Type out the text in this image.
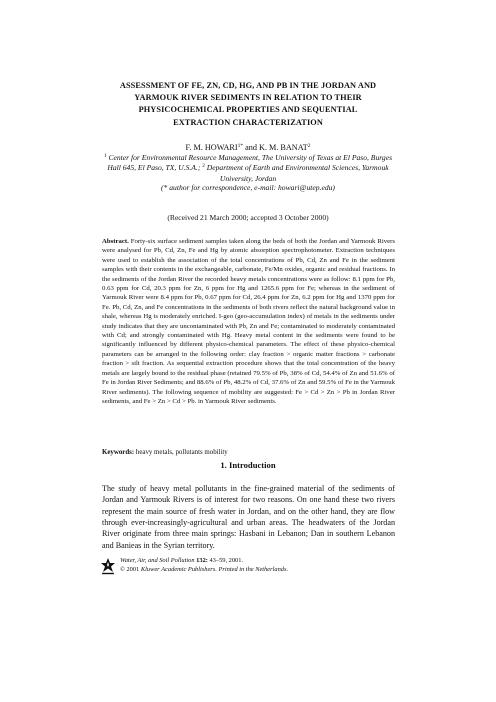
ASSESSMENT OF FE, ZN, CD, HG, AND PB IN THE JORDAN AND
YARMOUK RIVER SEDIMENTS IN RELATION TO THEIR
PHYSICOCHEMICAL PROPERTIES AND SEQUENTIAL
EXTRACTION CHARACTERIZATION
F. M. $HOWARI^{1*}$ and K. M. BANAT$^2$
$^1$ Center for Environmental Resource Management, The University of Texas at El Paso, Burges Hall 645, El Paso, TX, U.S.A.; $^2$ Department of Earth and Environmental Sciences, Yarmouk University, Jordan
(* author for correspondence, e-mail: howari@utep.edu)
(Received 21 March 2000; accepted 3 October 2000)
Abstract. Forty-six surface sediment samples taken along the beds of both the Jordan and Yarmouk Rivers were analysed for Pb, Cd, Zn, Fe and Hg by atomic absorption spectrophotometer. Extraction techniques were used to establish the association of the total concentrations of Pb, Cd, Zn and Fe in the sediment samples with their contents in the exchangeable, carbonate, Fe/Mn oxides, organic and residual fractions. In the sediments of the Jordan River the recorded heavy metals concentrations were as follow: 8.1 ppm for Pb, 0.63 ppm for Cd, 20.3 ppm for Zn, 6 ppm for Hg and 1265.6 ppm for Fe; whereas in the sediment of Yarmouk River were 8.4 ppm for Pb, 0.67 ppm for Cd, 26.4 ppm for Zn, 6.2 ppm for Hg and 1370 ppm for Fe. Pb, Cd, Zn, and Fe concentrations in the sediments of both rivers reflect the natural background value in shale, whereas Hg is moderately enriched. I-geo (geo-accumulation index) of metals in the sediments under study indicates that they are uncontaminated with Pb, Zn and Fe; contaminated to moderately contaminated with Cd; and strongly contaminated with Hg. Heavy metal content in the sediments were found to be significantly influenced by different physico-chemical parameters. The effect of these physico-chemical parameters can be arranged in the following order: clay fraction > organic matter fractions > carbonate fraction > silt fraction. As sequential extraction procedure shows that the total concentration of the heavy metals are largely bound to the residual phase (retained 79.5% of Pb, 38% of Cd, 54.4% of Zn and 51.6% of Fe in Jordan River Sediments; and 88.6% of Pb, 48.2% of Cd, 37.6% of Zn and 59.5% of Fe in the Yarmouk River sediments). The following sequence of mobility are suggested: Fe > Cd > Zn > Pb in Jordan River sediments, and Fe > Zn > Cd > Pb. in Yarmouk River sediments.
Keywords: heavy metals, pollutants mobility
1. Introduction
The study of heavy metal pollutants in the fine-grained material of the sediments of Jordan and Yarmouk Rivers is of interest for two reasons. On one hand these two rivers represent the main source of fresh water in Jordan, and on the other hand, they are flow through ever-increasingly-agricultural and urban areas. The headwaters of the Jordan River originate from three main springs: Hasbani in Lebanon; Dan in southern Lebanon and Banieas in the Syrian territory.
Water, Air, and Soil Pollution 132: 43–59, 2001.
© 2001 Kluwer Academic Publishers. Printed in the Netherlands.
